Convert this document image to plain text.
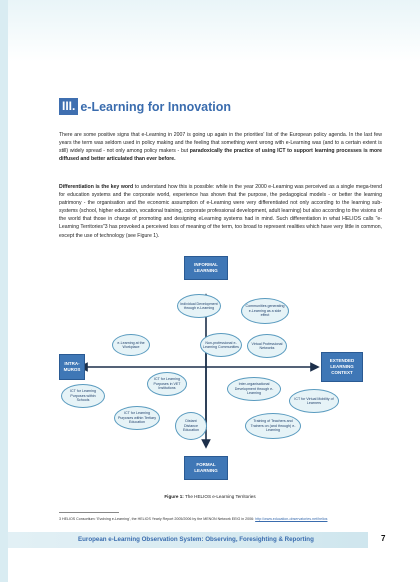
III. e-Learning for Innovation
There are some positive signs that e-Learning in 2007 is going up again in the priorities' list of the European policy agenda. In the last few years the term was seldom used in policy making and the feeling that something went wrong with e-Learning was (and to a certain extent is still) widely spread - not only among policy makers - but paradoxically the practice of using ICT to support learning processes is more diffused and better articulated than ever before.
Differentiation is the key word to understand how this is possible: while in the year 2000 e-Learning was perceived as a single mega-trend for education systems and the corporate world, experience has shown that the purpose, the pedagogical models - or better the learning patrimony - the organisation and the economic assumption of e-Learning were very differentiated not only according to the learning sub-systems (school, higher education, vocational training, corporate professional development, adult learning) but also according to the visions of the world that those in charge of promoting and designing eLearning systems had in mind. Such differentiation in what HELIOS calls "e-Learning Territories"3 has provoked a perceived loss of meaning of the term, too broad to represent realities which have very little in common, except the use of technology (see Figure 1).
INFORMAL LEARNING
FORMAL LEARNING
INTRA-MUROS
EXTENDED LEARNING CONTEXT
Individual Development through e-Learning	Communities generating e-Learning as a side effect
e-Learning at the Workplace
Non-professional e-Learning Communities
Virtual Professional Networks
ICT for Learning Purposes in VET Institutions
ICT for Learning Purposes within Schools
Inter-organisational Development through e-Learning
ICT for Virtual Mobility of Learners
ICT for Learning Purposes within Tertiary Education	Distant Distance Education
Training of Teachers and Trainers on (and through) e-Learning
Figure 1: The HELIOS e-Learning Territories
3 HELIOS Consortium: 'Evolving e-Learning', the HELIOS Yearly Report 2005/2006 by the MENON Network EEIG in 2006: http://www.education-observatories.net/helios
European e-Learning Observation System: Observing, Foresighting & Reporting	7
